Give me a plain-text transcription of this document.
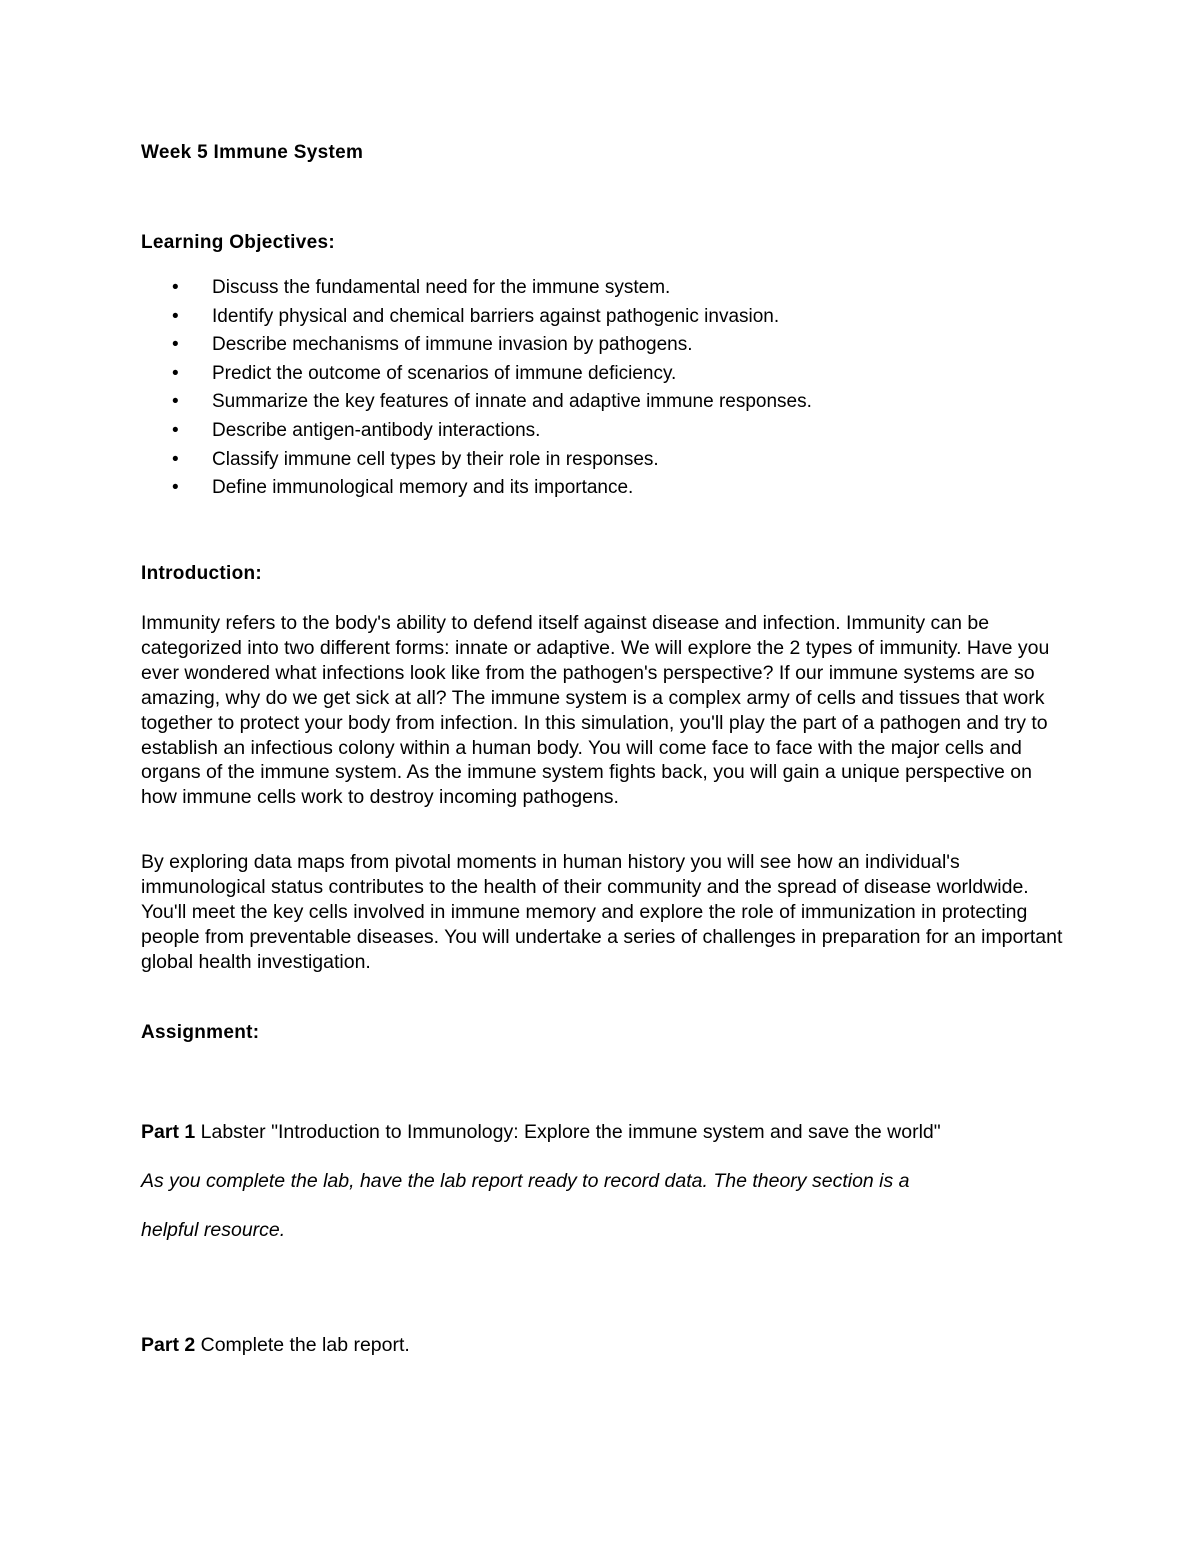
Week 5 Immune System
Learning Objectives:
• Discuss the fundamental need for the immune system.
• Identify physical and chemical barriers against pathogenic invasion.
• Describe mechanisms of immune invasion by pathogens.
• Predict the outcome of scenarios of immune deficiency.
• Summarize the key features of innate and adaptive immune responses.
• Describe antigen-antibody interactions.
• Classify immune cell types by their role in responses.
• Define immunological memory and its importance.
Introduction:

Immunity refers to the body's ability to defend itself against disease and infection. Immunity can be categorized into two different forms: innate or adaptive. We will explore the 2 types of immunity. Have you ever wondered what infections look like from the pathogen's perspective? If our immune systems are so amazing, why do we get sick at all? The immune system is a complex army of cells and tissues that work together to protect your body from infection. In this simulation, you'll play the part of a pathogen and try to establish an infectious colony within a human body. You will come face to face with the major cells and organs of the immune system. As the immune system fights back, you will gain a unique perspective on how immune cells work to destroy incoming pathogens.

By exploring data maps from pivotal moments in human history you will see how an individual's immunological status contributes to the health of their community and the spread of disease worldwide. You'll meet the key cells involved in immune memory and explore the role of immunization in protecting people from preventable diseases. You will undertake a series of challenges in preparation for an important global health investigation.

Assignment:

Part 1 Labster "Introduction to Immunology: Explore the immune system and save the world"

As you complete the lab, have the lab report ready to record data. The theory section is a

helpful resource.

Part 2 Complete the lab report.
